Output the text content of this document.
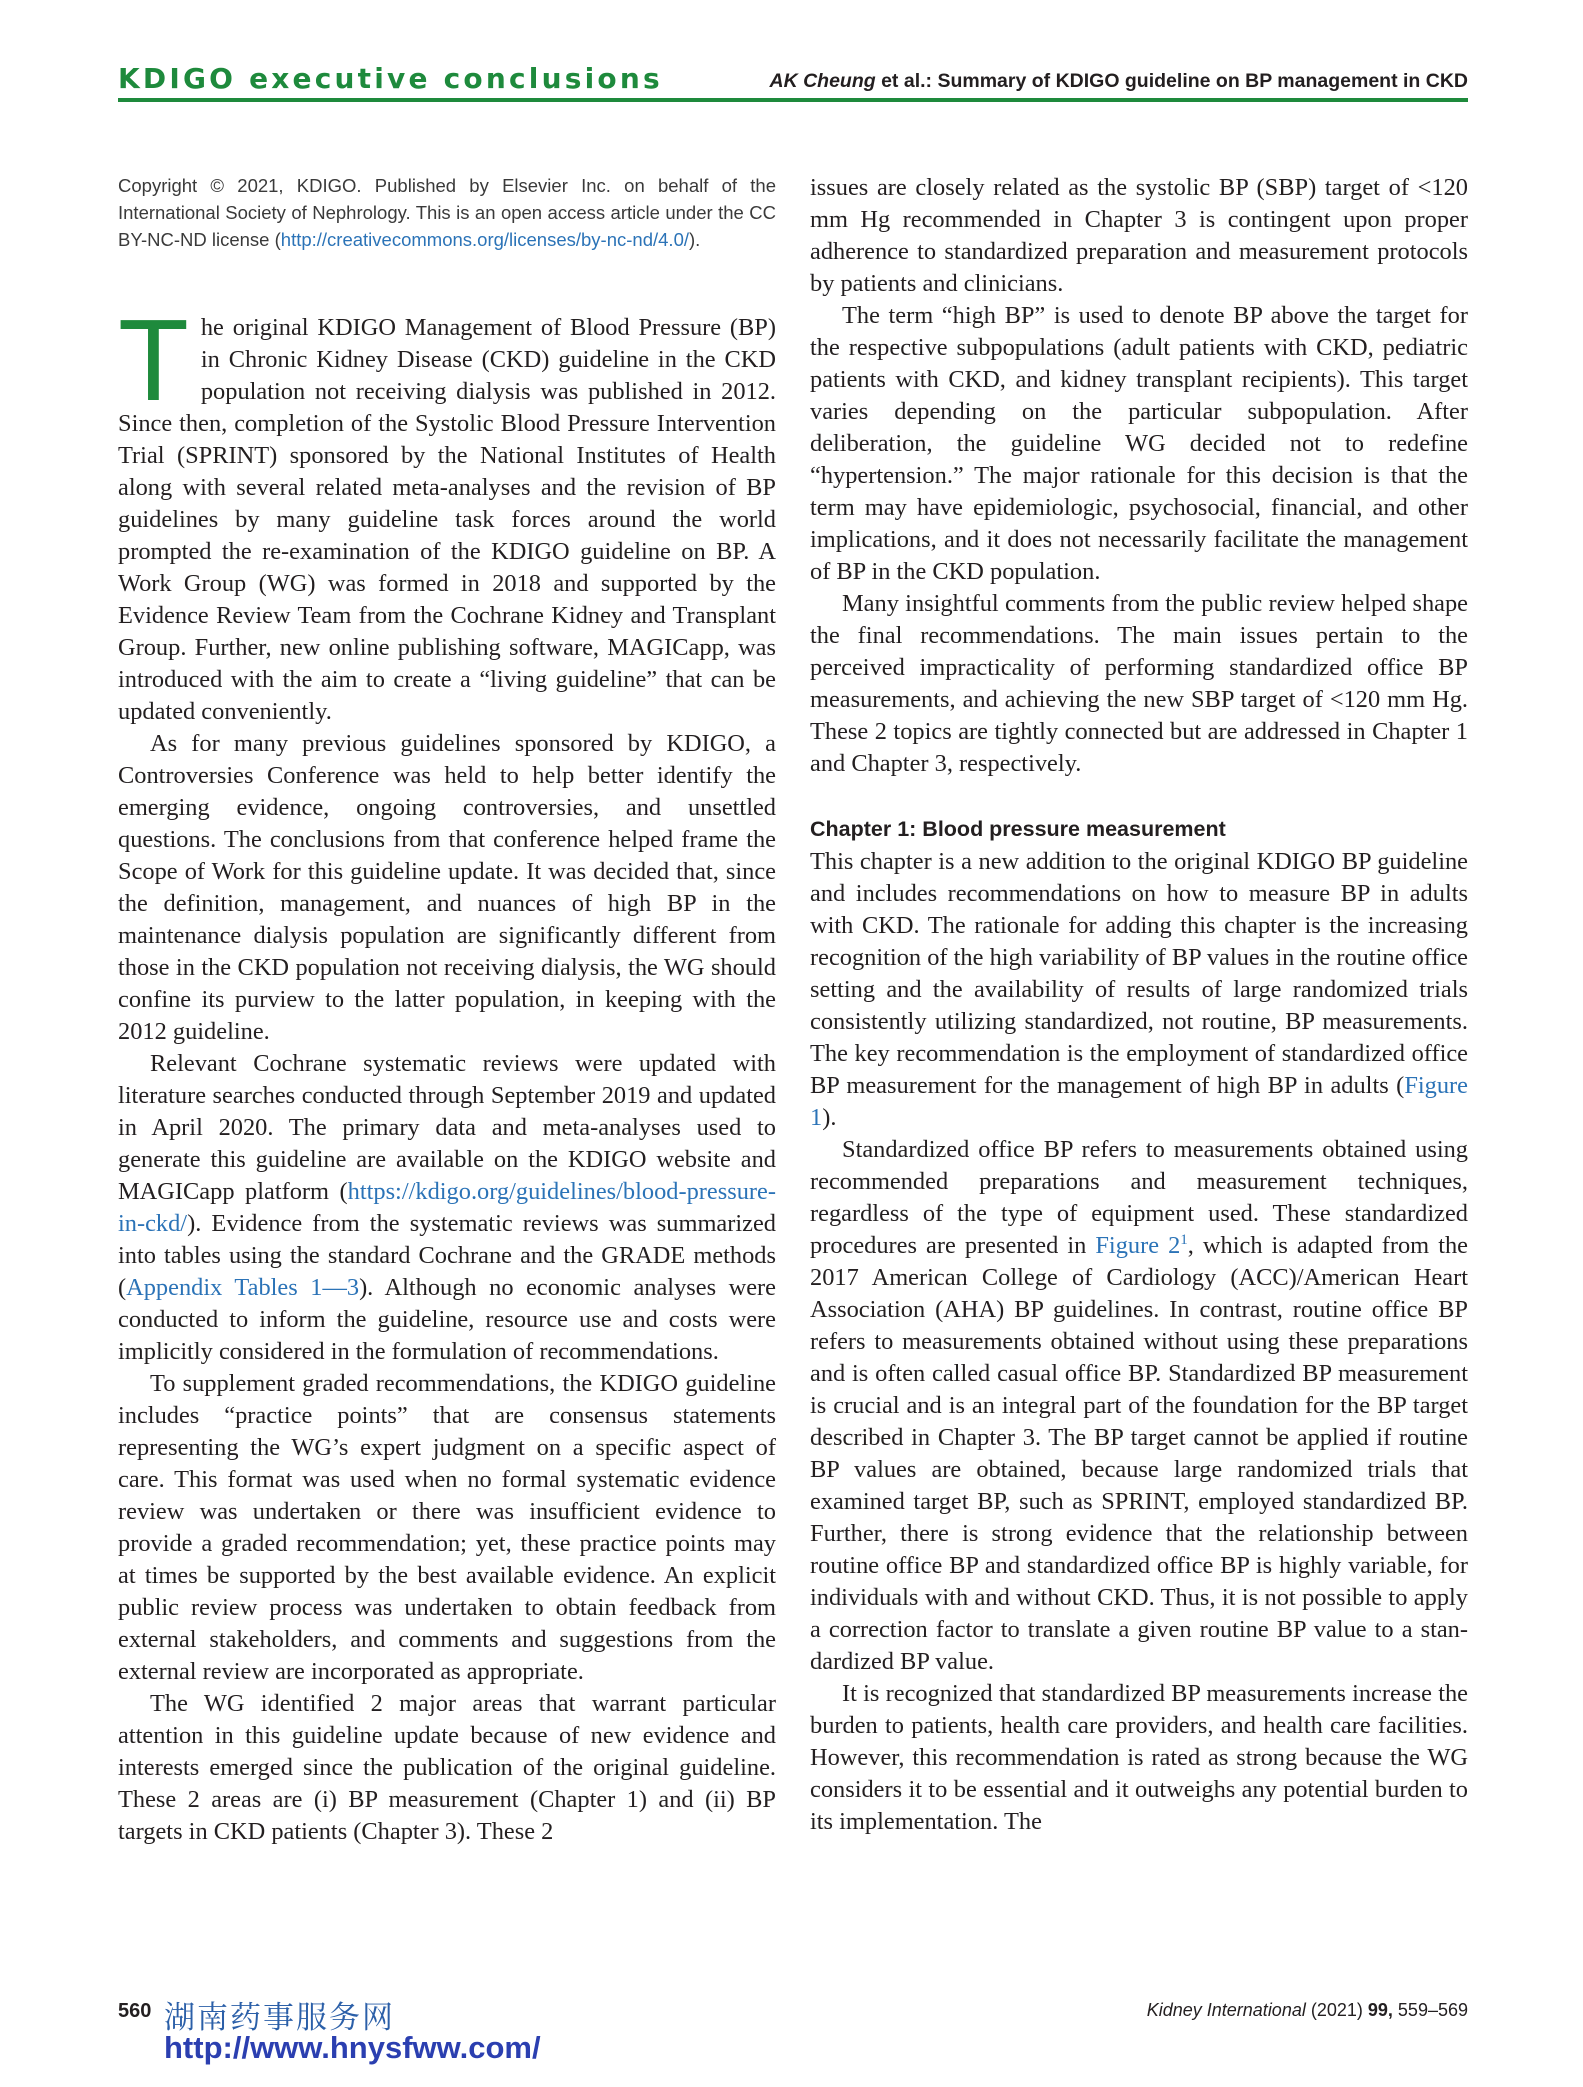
KDIGO executive conclusions	AK Cheung et al.: Summary of KDIGO guideline on BP management in CKD

Copyright © 2021, KDIGO. Published by Elsevier Inc. on behalf of the International Society of Nephrology. This is an open access article under the CC BY-NC-ND license (http://creativecommons.org/licenses/by-nc-nd/4.0/).

The original KDIGO Management of Blood Pressure (BP) in Chronic Kidney Disease (CKD) guideline in the CKD population not receiving dialysis was published in 2012. Since then, completion of the Systolic Blood Pressure Intervention Trial (SPRINT) sponsored by the National Institutes of Health along with several related meta-analyses and the revision of BP guidelines by many guideline task forces around the world prompted the re-examination of the KDIGO guideline on BP. A Work Group (WG) was formed in 2018 and supported by the Evidence Review Team from the Cochrane Kidney and Transplant Group. Further, new online publishing software, MAGICapp, was introduced with the aim to create a “living guideline” that can be updated conveniently.

As for many previous guidelines sponsored by KDIGO, a Controversies Conference was held to help better identify the emerging evidence, ongoing controversies, and unsettled questions. The conclusions from that conference helped frame the Scope of Work for this guideline update. It was decided that, since the definition, management, and nuances of high BP in the maintenance dialysis population are significantly different from those in the CKD population not receiving dialysis, the WG should confine its purview to the latter population, in keeping with the 2012 guideline.

Relevant Cochrane systematic reviews were updated with literature searches conducted through September 2019 and updated in April 2020. The primary data and meta-analyses used to generate this guideline are available on the KDIGO website and MAGICapp platform (https://kdigo.org/guidelines/blood-pressure-in-ckd/). Evidence from the systematic reviews was summarized into tables using the standard Cochrane and the GRADE methods (Appendix Tables 1—3). Although no economic analyses were conducted to inform the guideline, resource use and costs were implicitly considered in the formulation of recommendations.

To supplement graded recommendations, the KDIGO guideline includes “practice points” that are consensus statements representing the WG’s expert judgment on a specific aspect of care. This format was used when no formal systematic evidence review was undertaken or there was insufficient evidence to provide a graded recommendation; yet, these practice points may at times be supported by the best available evidence. An explicit public review process was undertaken to obtain feedback from external stakeholders, and comments and suggestions from the external review are incorporated as appropriate.

The WG identified 2 major areas that warrant particular attention in this guideline update because of new evidence and interests emerged since the publication of the original guideline. These 2 areas are (i) BP measurement (Chapter 1) and (ii) BP targets in CKD patients (Chapter 3). These 2

issues are closely related as the systolic BP (SBP) target of <120 mm Hg recommended in Chapter 3 is contingent upon proper adherence to standardized preparation and measurement protocols by patients and clinicians.

The term “high BP” is used to denote BP above the target for the respective subpopulations (adult patients with CKD, pediatric patients with CKD, and kidney transplant recipients). This target varies depending on the particular subpopulation. After deliberation, the guideline WG decided not to redefine “hypertension.” The major rationale for this decision is that the term may have epidemiologic, psychosocial, financial, and other implications, and it does not necessarily facilitate the management of BP in the CKD population.

Many insightful comments from the public review helped shape the final recommendations. The main issues pertain to the perceived impracticality of performing standardized office BP measurements, and achieving the new SBP target of <120 mm Hg. These 2 topics are tightly connected but are addressed in Chapter 1 and Chapter 3, respectively.

Chapter 1: Blood pressure measurement

This chapter is a new addition to the original KDIGO BP guideline and includes recommendations on how to measure BP in adults with CKD. The rationale for adding this chapter is the increasing recognition of the high variability of BP values in the routine office setting and the availability of results of large randomized trials consistently utilizing standardized, not routine, BP measurements. The key recommendation is the employment of standardized office BP measurement for the management of high BP in adults (Figure 1).

Standardized office BP refers to measurements obtained using recommended preparations and measurement techniques, regardless of the type of equipment used. These standardized procedures are presented in Figure 2$^1$, which is adapted from the 2017 American College of Cardiology (ACC)/American Heart Association (AHA) BP guidelines. In contrast, routine office BP refers to measurements obtained without using these preparations and is often called casual office BP. Standardized BP measurement is crucial and is an integral part of the foundation for the BP target described in Chapter 3. The BP target cannot be applied if routine BP values are obtained, because large randomized trials that examined target BP, such as SPRINT, employed standardized BP. Further, there is strong evidence that the relationship between routine office BP and standardized office BP is highly variable, for individuals with and without CKD. Thus, it is not possible to apply a correction factor to translate a given routine BP value to a standardized BP value.

It is recognized that standardized BP measurements increase the burden to patients, health care providers, and health care facilities. However, this recommendation is rated as strong because the WG considers it to be essential and it outweighs any potential burden to its implementation. The

560 湖南药事服务网
http://www.hnysfww.com/
Kidney International (2021) 99, 559–569
